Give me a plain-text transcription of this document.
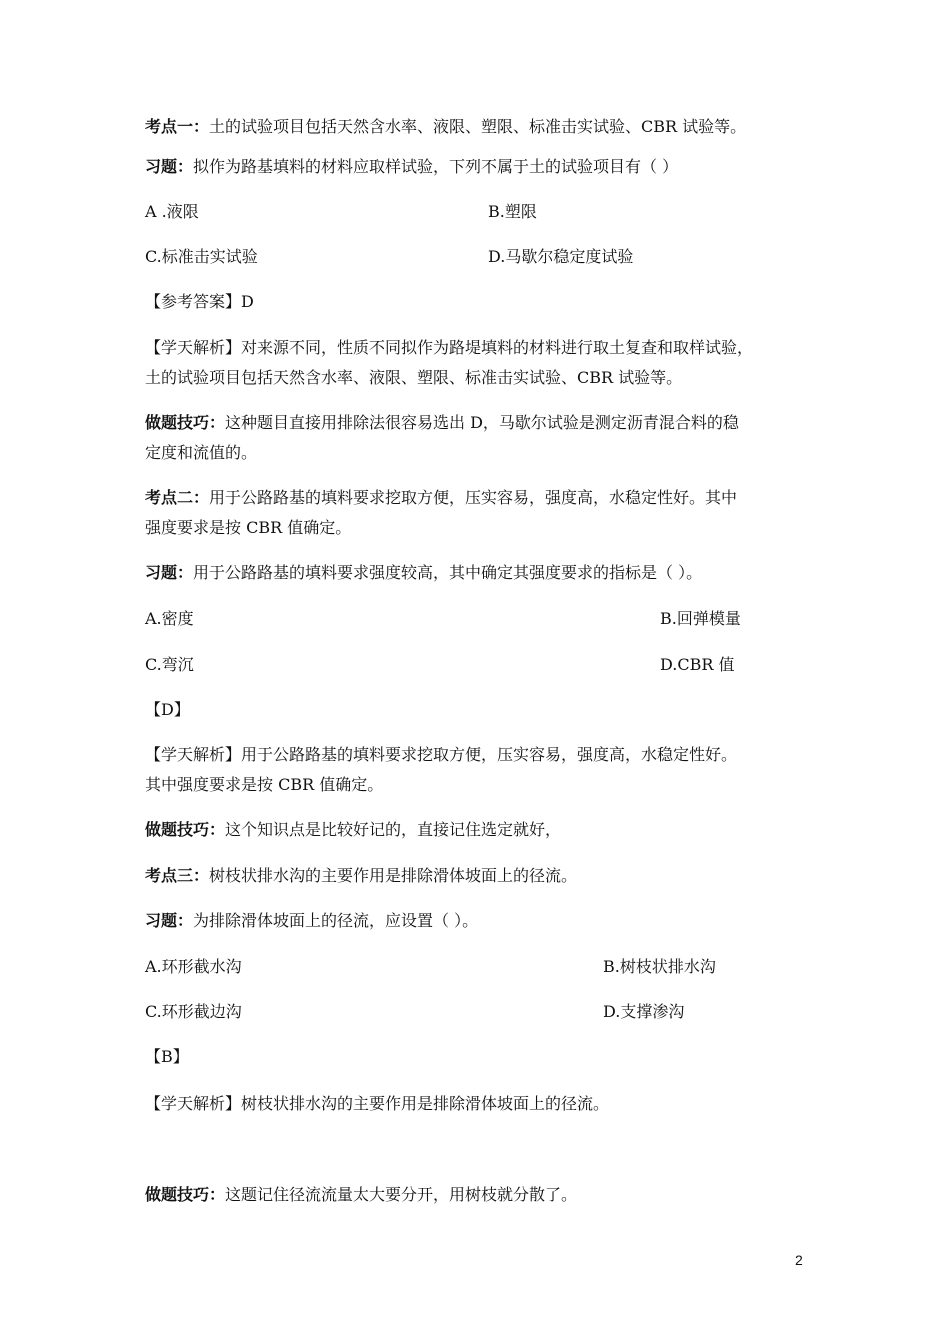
考点一：土的试验项目包括天然含水率、液限、塑限、标准击实试验、CBR 试验等。
习题：拟作为路基填料的材料应取样试验，下列不属于土的试验项目有（ ）
A .液限	B.塑限
C.标准击实试验	D.马歇尔稳定度试验
【参考答案】D
【学天解析】对来源不同，性质不同拟作为路堤填料的材料进行取土复查和取样试验，
土的试验项目包括天然含水率、液限、塑限、标准击实试验、CBR 试验等。
做题技巧：这种题目直接用排除法很容易选出 D，马歇尔试验是测定沥青混合料的稳
定度和流值的。
考点二：用于公路路基的填料要求挖取方便，压实容易，强度高，水稳定性好。其中
强度要求是按 CBR 值确定。
习题：用于公路路基的填料要求强度较高，其中确定其强度要求的指标是（ ）。
A.密度	B.回弹模量
C.弯沉	D.CBR 值
【D】
【学天解析】用于公路路基的填料要求挖取方便，压实容易，强度高，水稳定性好。
其中强度要求是按 CBR 值确定。
做题技巧：这个知识点是比较好记的，直接记住选定就好，
考点三：树枝状排水沟的主要作用是排除滑体坡面上的径流。
习题：为排除滑体坡面上的径流，应设置（ ）。
A.环形截水沟	B.树枝状排水沟
C.环形截边沟	D.支撑渗沟
【B】
【学天解析】树枝状排水沟的主要作用是排除滑体坡面上的径流。
做题技巧：这题记住径流流量太大要分开，用树枝就分散了。
2
